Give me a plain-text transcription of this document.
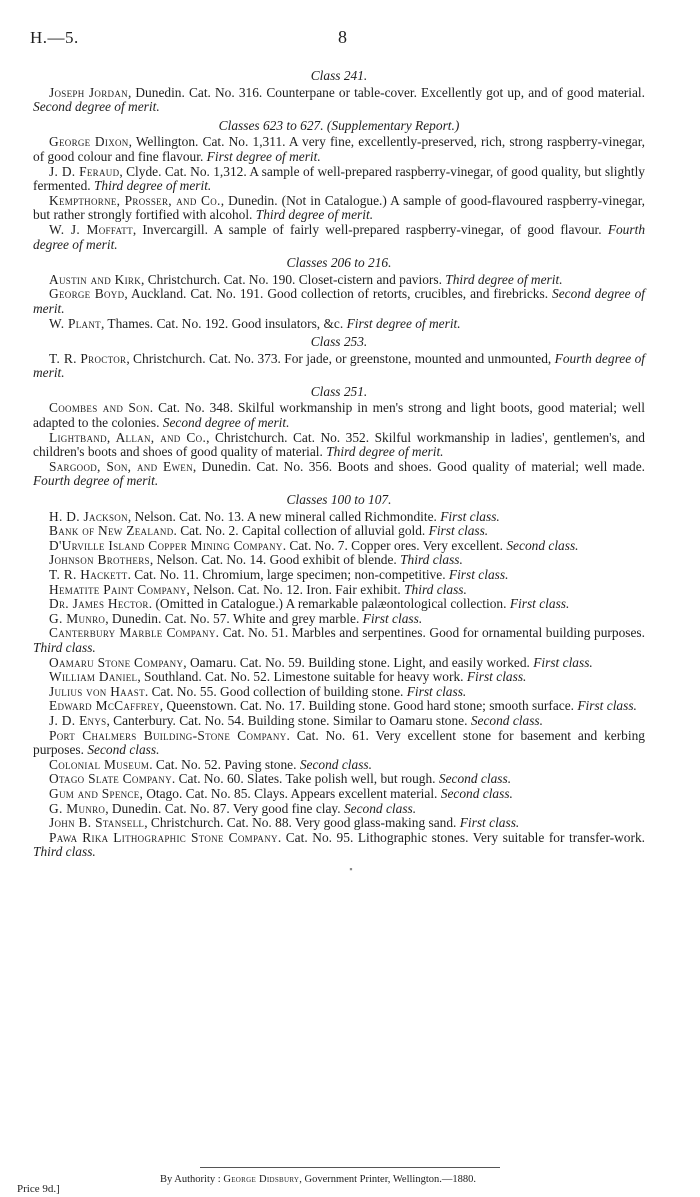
H.—5.	8
Class 241.

Joseph Jordan, Dunedin. Cat. No. 316. Counterpane or table-cover. Excellently got up, and of good material. Second degree of merit.

Classes 623 to 627. (Supplementary Report.)

George Dixon, Wellington. Cat. No. 1,311. A very fine, excellently-preserved, rich, strong raspberry-vinegar, of good colour and fine flavour. First degree of merit.

J. D. Feraud, Clyde. Cat. No. 1,312. A sample of well-prepared raspberry-vinegar, of good quality, but slightly fermented. Third degree of merit.

Kempthorne, Prosser, and Co., Dunedin. (Not in Catalogue.) A sample of good-flavoured raspberry-vinegar, but rather strongly fortified with alcohol. Third degree of merit.

W. J. Moffatt, Invercargill. A sample of fairly well-prepared raspberry-vinegar, of good flavour. Fourth degree of merit.

Classes 206 to 216.

Austin and Kirk, Christchurch. Cat. No. 190. Closet-cistern and paviors. Third degree of merit.

George Boyd, Auckland. Cat. No. 191. Good collection of retorts, crucibles, and firebricks. Second degree of merit.

W. Plant, Thames. Cat. No. 192. Good insulators, &c. First degree of merit.

Class 253.

T. R. Proctor, Christchurch. Cat. No. 373. For jade, or greenstone, mounted and unmounted, Fourth degree of merit.

Class 251.

Coombes and Son. Cat. No. 348. Skilful workmanship in men's strong and light boots, good material; well adapted to the colonies. Second degree of merit.

Lightband, Allan, and Co., Christchurch. Cat. No. 352. Skilful workmanship in ladies', gentlemen's, and children's boots and shoes of good quality of material. Third degree of merit.

Sargood, Son, and Ewen, Dunedin. Cat. No. 356. Boots and shoes. Good quality of material; well made. Fourth degree of merit.

Classes 100 to 107.

H. D. Jackson, Nelson. Cat. No. 13. A new mineral called Richmondite. First class.

Bank of New Zealand. Cat. No. 2. Capital collection of alluvial gold. First class.

D'Urville Island Copper Mining Company. Cat. No. 7. Copper ores. Very excellent. Second class.

Johnson Brothers, Nelson. Cat. No. 14. Good exhibit of blende. Third class.

T. R. Hackett. Cat. No. 11. Chromium, large specimen; non-competitive. First class.

Hematite Paint Company, Nelson. Cat. No. 12. Iron. Fair exhibit. Third class.

Dr. James Hector. (Omitted in Catalogue.) A remarkable palæontological collection. First class.

G. Munro, Dunedin. Cat. No. 57. White and grey marble. First class.

Canterbury Marble Company. Cat. No. 51. Marbles and serpentines. Good for ornamental building purposes. Third class.

Oamaru Stone Company, Oamaru. Cat. No. 59. Building stone. Light, and easily worked. First class.

William Daniel, Southland. Cat. No. 52. Limestone suitable for heavy work. First class.

Julius von Haast. Cat. No. 55. Good collection of building stone. First class.

Edward McCaffrey, Queenstown. Cat. No. 17. Building stone. Good hard stone; smooth surface. First class.

J. D. Enys, Canterbury. Cat. No. 54. Building stone. Similar to Oamaru stone. Second class.

Port Chalmers Building-Stone Company. Cat. No. 61. Very excellent stone for basement and kerbing purposes. Second class.

Colonial Museum. Cat. No. 52. Paving stone. Second class.

Otago Slate Company. Cat. No. 60. Slates. Take polish well, but rough. Second class.

Gum and Spence, Otago. Cat. No. 85. Clays. Appears excellent material. Second class.

G. Munro, Dunedin. Cat. No. 87. Very good fine clay. Second class.

John B. Stansell, Christchurch. Cat. No. 88. Very good glass-making sand. First class.

Pawa Rika Lithographic Stone Company. Cat. No. 95. Lithographic stones. Very suitable for transfer-work. Third class.

▪
By Authority : George Didsbury, Government Printer, Wellington.—1880.
Price 9d.]
